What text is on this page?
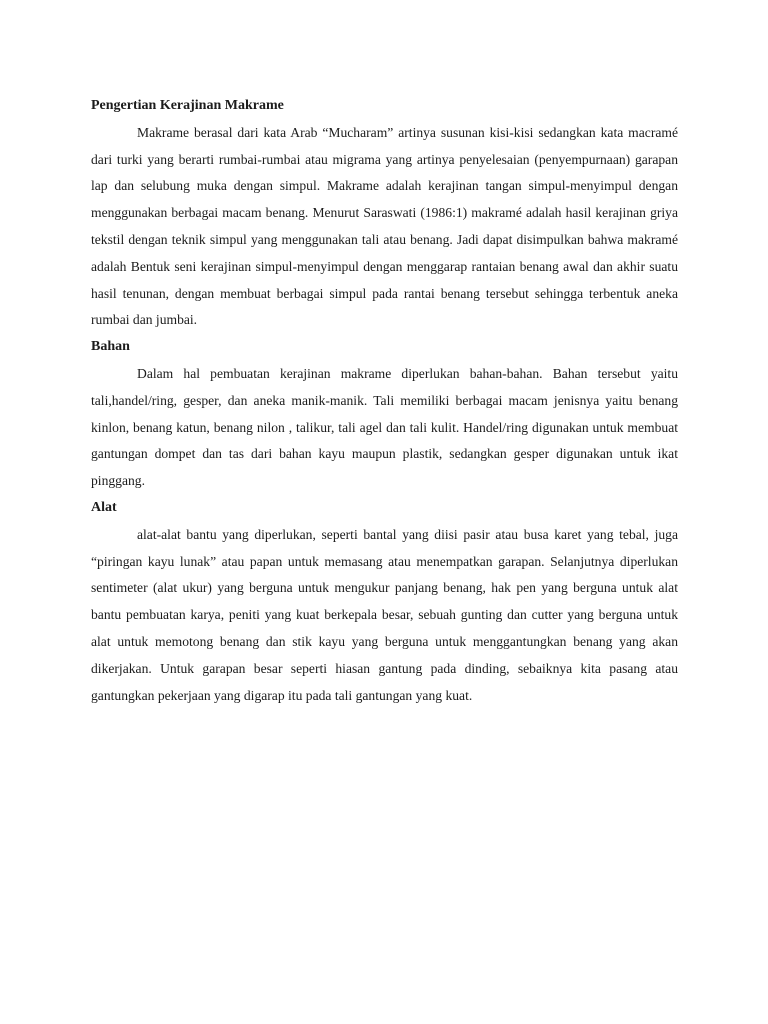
Pengertian Kerajinan Makrame

Makrame berasal dari kata Arab “Mucharam” artinya susunan kisi-kisi sedangkan kata macramé dari turki yang berarti rumbai-rumbai atau migrama yang artinya penyelesaian (penyempurnaan) garapan lap dan selubung muka dengan simpul. Makrame adalah kerajinan tangan simpul-menyimpul dengan menggunakan berbagai macam benang. Menurut Saraswati (1986:1) makramé adalah hasil kerajinan griya tekstil dengan teknik simpul yang menggunakan tali atau benang. Jadi dapat disimpulkan bahwa makramé adalah Bentuk seni kerajinan simpul-menyimpul dengan menggarap rantaian benang awal dan akhir suatu hasil tenunan, dengan membuat berbagai simpul pada rantai benang tersebut sehingga terbentuk aneka rumbai dan jumbai.

Bahan

Dalam hal pembuatan kerajinan makrame diperlukan bahan-bahan. Bahan tersebut yaitu tali,handel/ring, gesper, dan aneka manik-manik. Tali memiliki berbagai macam jenisnya yaitu benang kinlon, benang katun, benang nilon , talikur, tali agel dan tali kulit. Handel/ring digunakan untuk membuat gantungan dompet dan tas dari bahan kayu maupun plastik, sedangkan gesper digunakan untuk ikat pinggang.

Alat

alat-alat bantu yang diperlukan, seperti bantal yang diisi pasir atau busa karet yang tebal, juga “piringan kayu lunak” atau papan untuk memasang atau menempatkan garapan. Selanjutnya diperlukan sentimeter (alat ukur) yang berguna untuk mengukur panjang benang, hak pen yang berguna untuk alat bantu pembuatan karya, peniti yang kuat berkepala besar, sebuah gunting dan cutter yang berguna untuk alat untuk memotong benang dan stik kayu yang berguna untuk menggantungkan benang yang akan dikerjakan. Untuk garapan besar seperti hiasan gantung pada dinding, sebaiknya kita pasang atau gantungkan pekerjaan yang digarap itu pada tali gantungan yang kuat.
